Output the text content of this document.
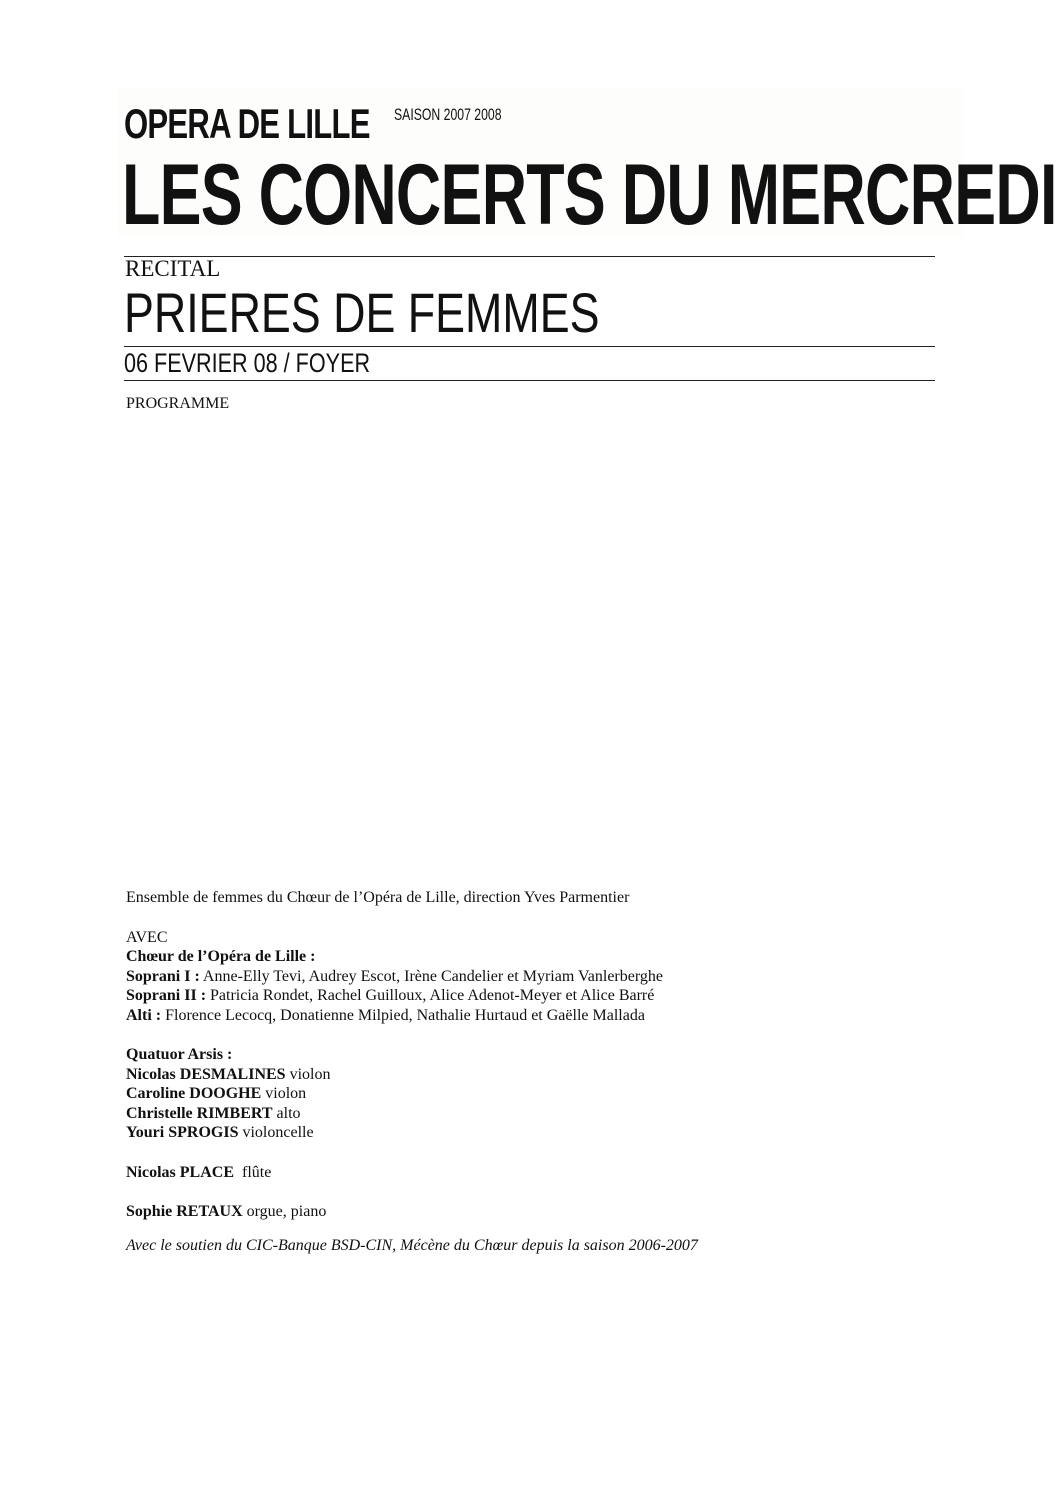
OPERA DE LILLE SAISON 2007 2008
LES CONCERTS DU MERCREDI
RECITAL
PRIERES DE FEMMES
06 FEVRIER 08 / FOYER
PROGRAMME

Ensemble de femmes du Chœur de l’Opéra de Lille, direction Yves Parmentier

AVEC

Chœur de l’Opéra de Lille :

Soprani I : Anne-Elly Tevi, Audrey Escot, Irène Candelier et Myriam Vanlerberghe

Soprani II : Patricia Rondet, Rachel Guilloux, Alice Adenot-Meyer et Alice Barré

Alti : Florence Lecocq, Donatienne Milpied, Nathalie Hurtaud et Gaëlle Mallada

Quatuor Arsis :

Nicolas DESMALINES violon

Caroline DOOGHE violon

Christelle RIMBERT alto

Youri SPROGIS violoncelle

Nicolas PLACE  flûte

Sophie RETAUX orgue, piano

Avec le soutien du CIC-Banque BSD-CIN, Mécène du Chœur depuis la saison 2006-2007
